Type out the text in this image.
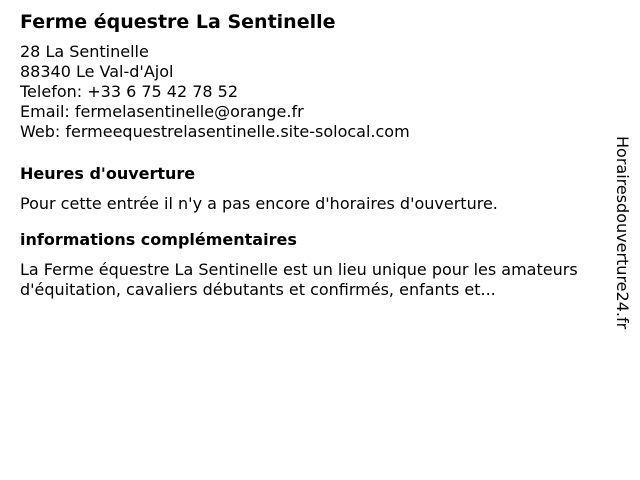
Ferme équestre La Sentinelle
28 La Sentinelle
88340 Le Val-d'Ajol
Telefon: +33 6 75 42 78 52
Email: fermelasentinelle@orange.fr
Web: fermeequestrelasentinelle.site-solocal.com
Heures d'ouverture
Pour cette entrée il n'y a pas encore d'horaires d'ouverture.
informations complémentaires
La Ferme équestre La Sentinelle est un lieu unique pour les amateurs d'équitation, cavaliers débutants et confirmés, enfants et...	Horairesdouverture24.fr
